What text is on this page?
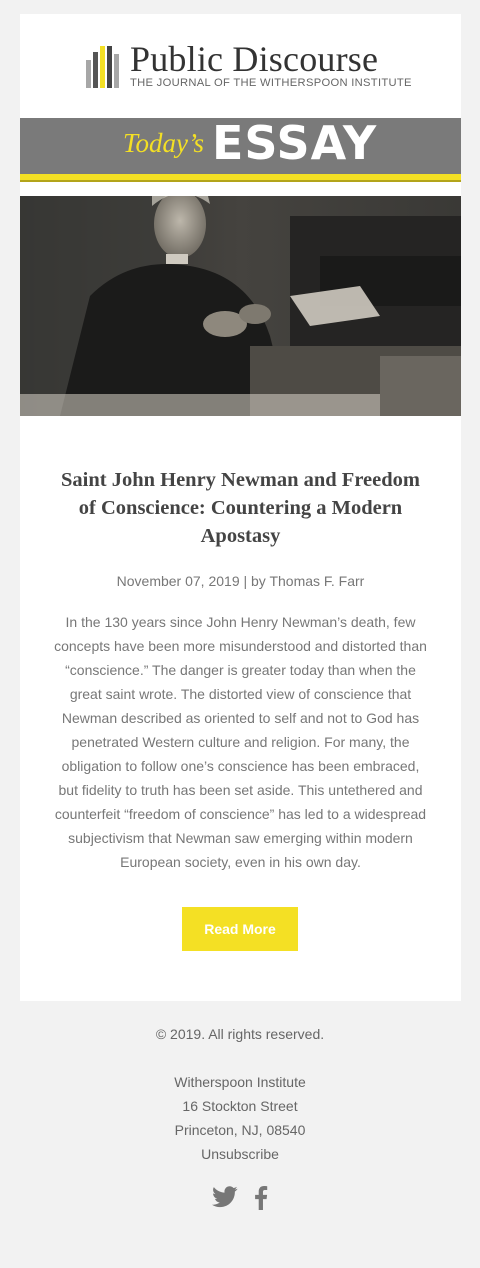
Public Discourse
THE JOURNAL OF THE WITHERSPOON INSTITUTE
Today’s ESSAY
Saint John Henry Newman and Freedom of Conscience: Countering a Modern Apostasy
November 07, 2019 | by Thomas F. Farr
In the 130 years since John Henry Newman’s death, few concepts have been more misunderstood and distorted than “conscience.” The danger is greater today than when the great saint wrote. The distorted view of conscience that Newman described as oriented to self and not to God has penetrated Western culture and religion. For many, the obligation to follow one’s conscience has been embraced, but fidelity to truth has been set aside. This untethered and counterfeit “freedom of conscience” has led to a widespread subjectivism that Newman saw emerging within modern European society, even in his own day.
Read More
© 2019. All rights reserved.
Witherspoon Institute
16 Stockton Street
Princeton, NJ, 08540
Unsubscribe
